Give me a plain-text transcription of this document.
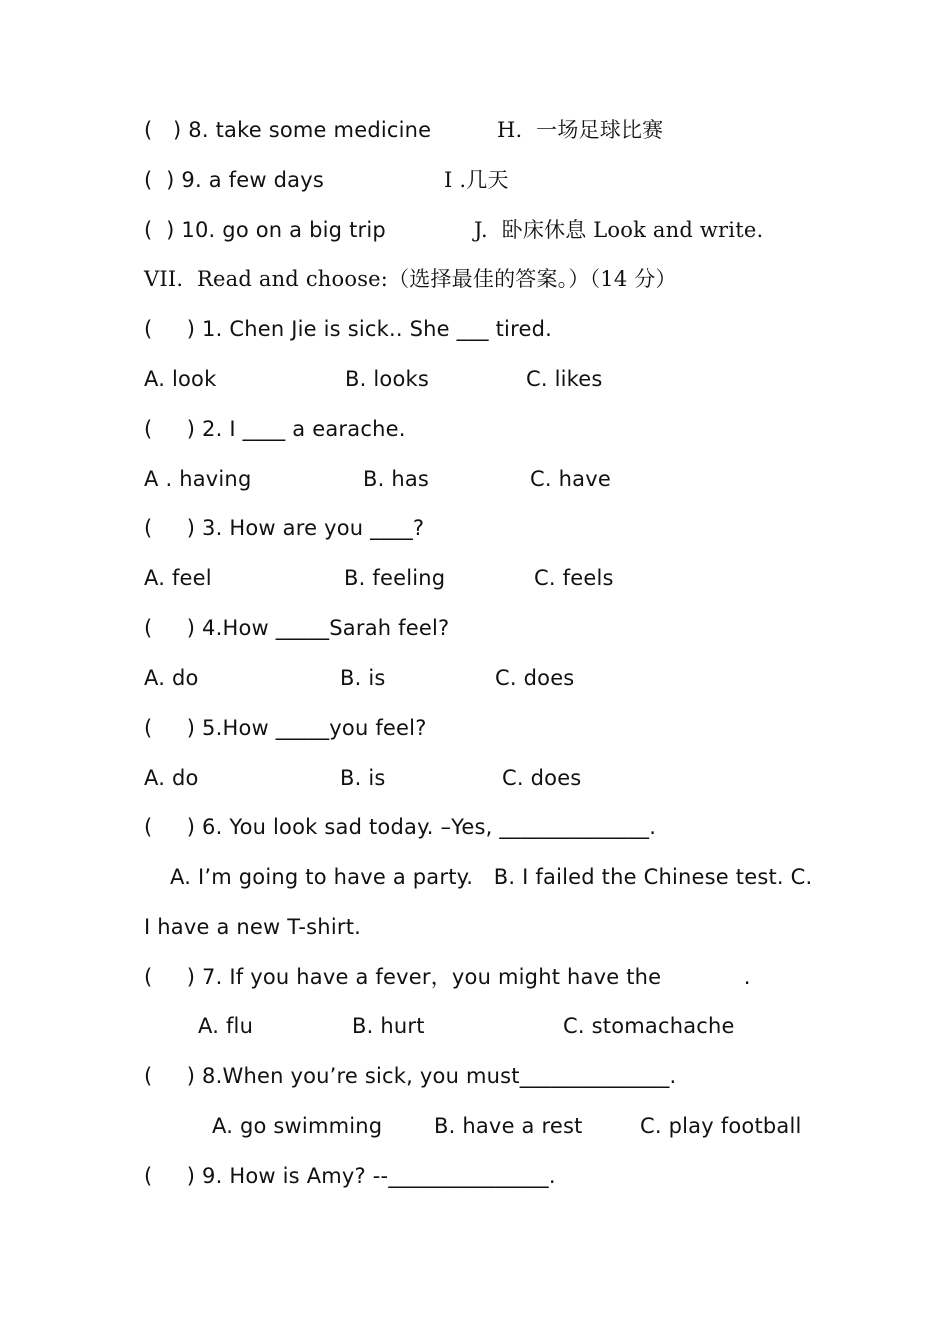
(   ) 8. take some medicine	H.  一场足球比赛
(  ) 9. a few days	I .几天
(  ) 10. go on a big trip	J.  卧床休息 Look and write.
VII.  Read and choose:（选择最佳的答案。）（14 分）
(     ) 1. Chen Jie is sick.. She ___ tired.
A. look	B. looks	C. likes
(     ) 2. I ____ a earache.
A . having	B. has	C. have
(     ) 3. How are you ____?
A. feel	B. feeling	C. feels
(     ) 4.How _____Sarah feel?
A. do	B. is	C. does
(     ) 5.How _____you feel?
A. do	B. is	C. does
(     ) 6. You look sad today. –Yes, ______________.
A. I’m going to have a party.   B. I failed the Chinese test. C.
I have a new T-shirt.
(     ) 7. If you have a fever，you might have the            .
A. flu	B. hurt	C. stomachache
(     ) 8.When you’re sick, you must______________.
A. go swimming B. have a rest	C. play football
(     ) 9. How is Amy? --_______________.
